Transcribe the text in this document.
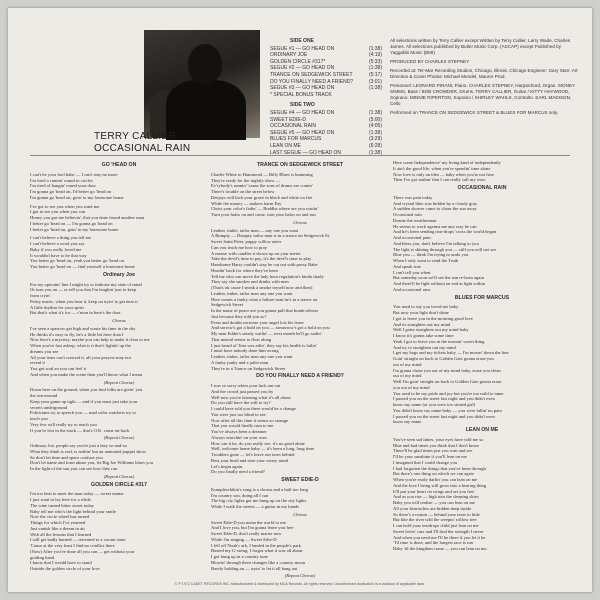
TERRY CALLIER
OCCASIONAL RAIN
SIDE ONE
SEGUE #1 — GO HEAD ON	(1:38)
ORDINARY JOE	(4:19)
GOLDEN CIRCLE #317*	(5:33)
SEGUE #2 — GO HEAD ON	(1:38)
TRANCE ON SEDGEWICK STREET	(5:17)
DO YOU FINALLY NEED A FRIEND?	(3:01)
SEGUE #3 — GO HEAD ON	(1:38)
* SPECIAL BONUS TRACK
SIDE TWO
SEGUE #4 — GO HEAD ON	(1:38)
SWEET EDIE-D	(5:00)
OCCASIONAL RAIN	(4:05)
SEGUE #5 — GO HEAD ON	(1:38)
BLUES FOR MARCUS	(3:29)
LEAN ON ME	(6:28)
LAST SEGUE — GO HEAD ON	(1:38)
All selections written by Terry Callier except Written by Terry Callier, Larry Wade, Charles James. All selections published by Butler Music Corp. (ASCAP) except Published by Yaggabbi Music (BMI)
PRODUCED BY CHARLES STEPNEY
Recorded at: Ter-Mar Recording Studios, Chicago, Illinois. Chicago Engineer: Gary Starr. Art Direction & Cover Photos: Michael Mendel, Maurer Prod.
Personnel: LEONARD PIRANI, Piano. CHARLES STEPNEY, Harpsichord, Organ. SIDNEY SIMMS, Bass / BOB CROWDER, Drums. TERRY CALLIER, Guitar / KITTY HAYWOOD, Soprano. MINNIE RIPERTON, Soprano / SHIRLEY WAHLS, Contralto. EARL MADISON, Cello
Performed on TRANCE ON SEDGEWICK STREET & BLUES FOR MARCUS only.
GO 'HEAD ON
I can't be your fool babe — I can't stay no more
I'm tired o runnin' round in circles
I'm tired of hangin' round your door
I'm gonna go 'head on, I'd better go 'head on
I'm gonna go 'head on, goin' to my lonesome home
I've got to see you when you want me
I got to see you when you can
Honey you got me believin', that you done found another man
I better go 'head on — I'm gonna go 'head on
I better go 'head on, goin' to my lonesome home
I can't believe a thing you tell me
I can't believe a word you say
Baby if you really loved me
It wouldn't have to be that way
You better go 'head on, yeah you better go 'head on
You better go 'head on — find yourself a lonesome home
Ordinary Joe
For my operatin' line I might try to indicate my state of mind
Or turn you on — or tell you that I'm laughin' just to keep
from cryin'
Pretty music, when you hear it, keep on tryin' to get near it
A little rhythm for your spirit
But that's what it's for — c'mon in here's the door
Chorus
I've seen a sparrow get high and waste his time in the sky
He thinks it's easy to fly, he's a little bit freer than I
Now here's a mystery, maybe you can help to make it clear to me
When you've fast asleep, what is it that's lightin' up the
dreams you see
All your tears can't conceal it, all your prayers may not
reveal it
You got soul an you can feel it
And when you make the scene then you'll know what I mean
(Repeat Chorus)
Down here on the ground, when you find folks are givin' you
the run-around
Keep your game up tight — and if you must just take your
secrets underground
Politicians try to speech you — mad color watchers try to
teach you
Very few will really try to reach you
If you've lost in the stack — that's O.K. come on back
(Repeat Chorus)
Ordinary Joe, people say you're just a lazy so-and-so
What they think is real, is nothin' but an animated puppet show
So don't let time and space confuse you
Don't let name and form abuse you, let Big Joe Williams blues you
In the light of the sun you can see how they run
(Repeat Chorus)
GOLDEN CIRCLE #317
I'm too beat to meet the man today — sweet mama
I just want to lay here for a while
The wine turned bitter sweet today
Baby tell me who's the light behind your smile
Now the circle wheel has turned
Things for which I've yearned
Just vanish like a dream in air
With all the lessons that I learned
I still get badly burned — retreated to a vacant stare
'Cause at the very least I find no conflict there
(Now) After you've done all you can — get without your
guiding hand
I know that I would have to stand
Outside the golden circle of your love
TRANCE ON SEDGEWICK STREET
Charlie White to Hammond — Billy Blues is humming
They're ready for the nightly show —
Ev'rybody's runnin' 'cause the sons of drums are comin'
There's trouble on the street below
Deejays will kick your grave in black and white on fire
While the money — makers harm Pay
Christ your color's fadin' — Buddha where are you waitin'
Turn your halos on and come, turn your halos on and run
Chorus
Leather, tinkle, tailor man — any one you want
A Rumpty — Dumpty sailor man is in a trance on Sedgewick St.
Sweet Saint Peter, puppy willow anter
Can you teach me how to pray
A mouse with candles it shows up on your meter
Take the devil's time to pay, it's the devil's time to play
Handsome Harry couldn't stay he cut out with pussy Babe
Headin' back for where they've been
Tell me who can move the lady hour regulation's kinda shady
They say she smokes and drinks with men
(That's ok cause I sneak a smoke myself now and then)
Leather, tinker, tailor man any one you want
Here comes a funky what a failure man he's in a trance on
Sedgewick Street
In the name of peace are you gonna pull that bomb release
Just because they told you so?
Fears and doubts increase your angel lost his lease
And sorrow's got a hold on you — tomorrow's got a hold on you
My man Eddie's steady wailin' — next month he'll go sailin'
That mental seems to float along
I just heard of Tom was ailin', they say his health is failin'
I must have nobody done him wrong
Leather, tinker, tailor man any one you want
A funky junky and a jailer man
They're in a Trance on Sedgewick Street
DO YOU FINALLY NEED A FRIEND?
I was so sorry when your luck ran out
And the crowd just passed you by
Well now you're learning what it's all about
Do you still have the will to try?
I could have told you there would be a change
You were just too blind to see
Now after all this time it seems so strange
That you would finally turn to me.
You've always been a dreamer
Always searchin' on your own
How can it be, do you really see, it's no good alone
Well, welcome home baby — it's been a long, long time
Troublers gone — let's leave our tears behind
Rest your head and ease your weary mind
Let's begin again.
Do you finally need a friend?
SWEET EDIE-D
Kumpleschikin's song is a chorus and a half too long
I'm country son, doing all I can
The big city lights got me hung up on the city lights
While I walk the streets — a guitar in my hands
Chorus
Sweet Edie-D you mean the world to me
And I love you, but I'm gonna leave you free
Sweet Edie-D, don't really matter now
While I'm singing — Sweet Edie-D
I fell off Noah's ark, I landed in the people's park
Busted my G-string, I forgot what it was all about
I got hung up in a country tune
Blowin' through three changes like a country moon
Barely holding on — tryin' to let it all hang out
(Repeat Chorus)
Here come Independence' my living kind of independently
It ain't the good life, when you're spendin' time alone
Now love is only an idea — baby when you're not here
Then I've got nothin' that I can really call my own.
OCCASIONAL RAIN
There was pain today
And crystal blue was hidden by a cloudy gray
A sudden shower came to chase the sun away
Occasional rain
Deanie the weatherman
He seems to work against me any way he can
And he's been sending tear-drops 'cross the world began
And occasional pain.
And bless you, don't believe I'm talking to you
The light is shining through you — still you will not see
Blue you — think I'm trying to undo you
When I only want to send the Truth
And speak true
I can't tell you when
But someday soon we'll see the sun re-born again
And there'll be light without an end at light within
And occasional rain.
BLUES FOR MARCUS
You used to say you loved me baby
But now your light don't shine
I got to leave you in the morning good love
And its straighten out my mind
Well I gotta straighten out my mind baby
I know it's gonna take some time
Yeah I got to leave you in the mornin' sweet thing
And try to straighten out my mind
I get my bags and my tickets baby — I'm movin' down the line
Goin' straight on back to Golden Gate gonna erase you
out of my mind
I'm gonna chase you out of my mind baby, erase you clean
out of my mind
Well I'm goin' straight on back to Golden Gate gonna erase
you out of my mind
You used to be my pride and joy but you're too mild to tame
I passed you on the street last night and you didn't even
know my name (or you were too stoned girl)
You didn't know my name baby — you were fallin' no pain
I passed you on the street last night and you didn't even
know my name
LEAN ON ME
You've seen sad times, your eyes have told me so
Blue and bad times you think that I don't know
There'll be glad times just you wait and see
I'll be your sunshine if you'll lean on me
I imagined that I could change you
I had forgotten the things that you've been through
But there's one thing on which we can agree
When you're ready darlin' you can lean on me
And the love I bring will grow into a hearing thing
It'll put your heart on wings and set you free
And as you rise — high into the sleeping skies
Baby you will realize — you can lean on me
All your heartaches are hidden deep inside
So there's a reason — behind your tears to hide
But like the river told the weepin' willow tree
I can hold your teardrops child just lean on me
Sweet lovin' care and I'll find the strength I never
And when you need me I'll be there if you let it be
'Til time is done, and the longest race is run
Baby 'til the kingdom come — you can lean on me.
© P 1972 CADET RECORDS INC. Manufactured & distributed by MCA Records. All rights reserved. Unauthorized duplication is a violation of applicable laws.
